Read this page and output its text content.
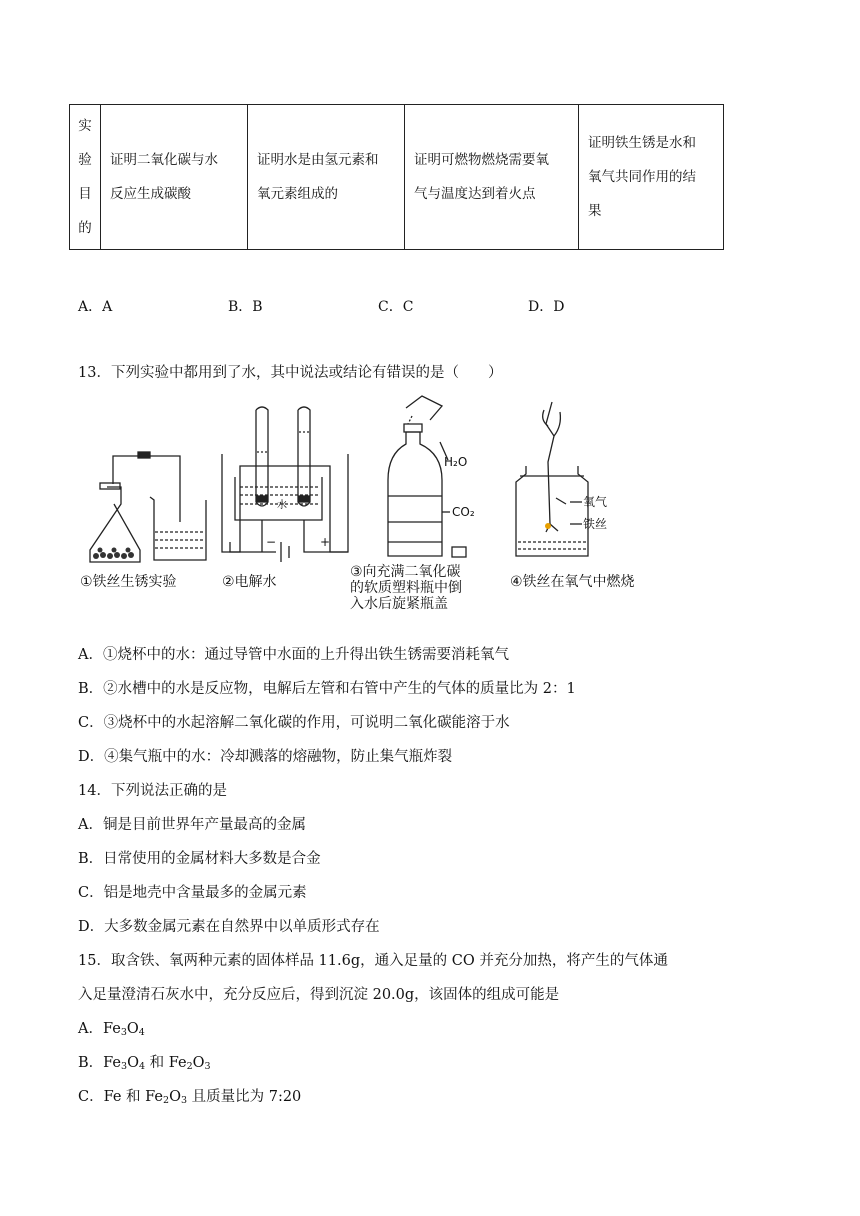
实
验
目
的

证明二氧化碳与水
反应生成碳酸

证明水是由氢元素和
氧元素组成的

证明可燃物燃烧需要氧
气与温度达到着火点

证明铁生锈是水和
氧气共同作用的结
果
A．A	B．B	C．C	D．D
13．下列实验中都用到了水，其中说法或结论有错误的是（　　）
H₂O
CO₂
氧气
铁丝
−	+
水
①铁丝生锈实验	②电解水
③向充满二氧化碳
的软质塑料瓶中倒
入水后旋紧瓶盖
④铁丝在氧气中燃烧
A．①烧杯中的水：通过导管中水面的上升得出铁生锈需要消耗氧气
B．②水槽中的水是反应物，电解后左管和右管中产生的气体的质量比为 2：1
C．③烧杯中的水起溶解二氧化碳的作用，可说明二氧化碳能溶于水
D．④集气瓶中的水：冷却溅落的熔融物，防止集气瓶炸裂
14．下列说法正确的是
A．铜是目前世界年产量最高的金属
B．日常使用的金属材料大多数是合金
C．铝是地壳中含量最多的金属元素
D．大多数金属元素在自然界中以单质形式存在
15．取含铁、氧两种元素的固体样品 11.6g，通入足量的 CO 并充分加热，将产生的气体通
入足量澄清石灰水中，充分反应后，得到沉淀 20.0g，该固体的组成可能是
A．$Fe_3O_4$
B．$Fe_3O_4$ 和 $Fe_2O_3$
C．Fe 和 $Fe_2O_3$ 且质量比为 7:20
